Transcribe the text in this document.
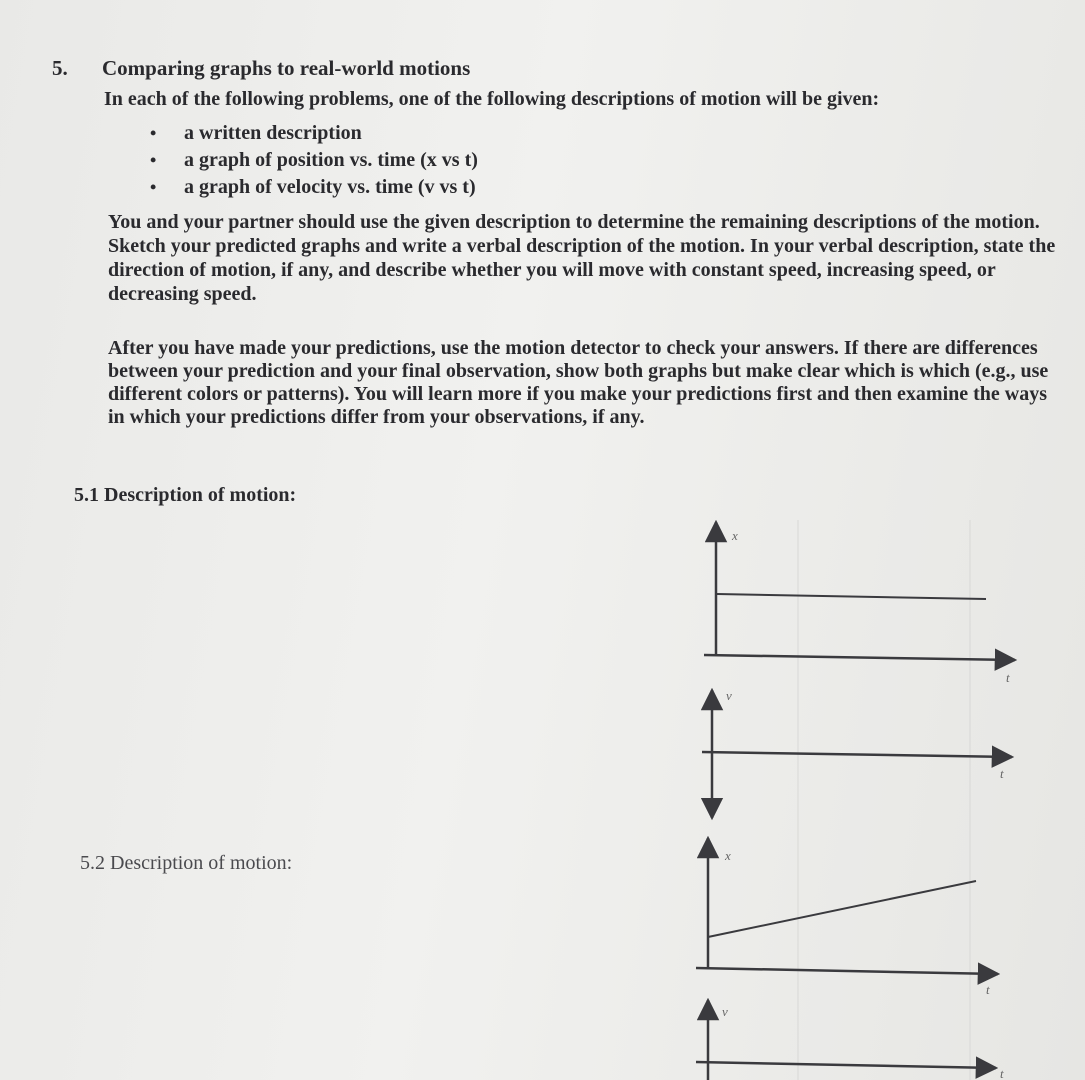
5. Comparing graphs to real-world motions
In each of the following problems, one of the following descriptions of motion will be given:
• a written description
• a graph of position vs. time (x vs t)
• a graph of velocity vs. time (v vs t)
You and your partner should use the given description to determine the remaining descriptions of the motion. Sketch your predicted graphs and write a verbal description of the motion. In your verbal description, state the direction of motion, if any, and describe whether you will move with constant speed, increasing speed, or decreasing speed.
After you have made your predictions, use the motion detector to check your answers. If there are differences between your prediction and your final observation, show both graphs but make clear which is which (e.g., use different colors or patterns). You will learn more if you make your predictions first and then examine the ways in which your predictions differ from your observations, if any.
5.1 Description of motion:
5.2 Description of motion:
x
t
v
t
x
t
v
t
